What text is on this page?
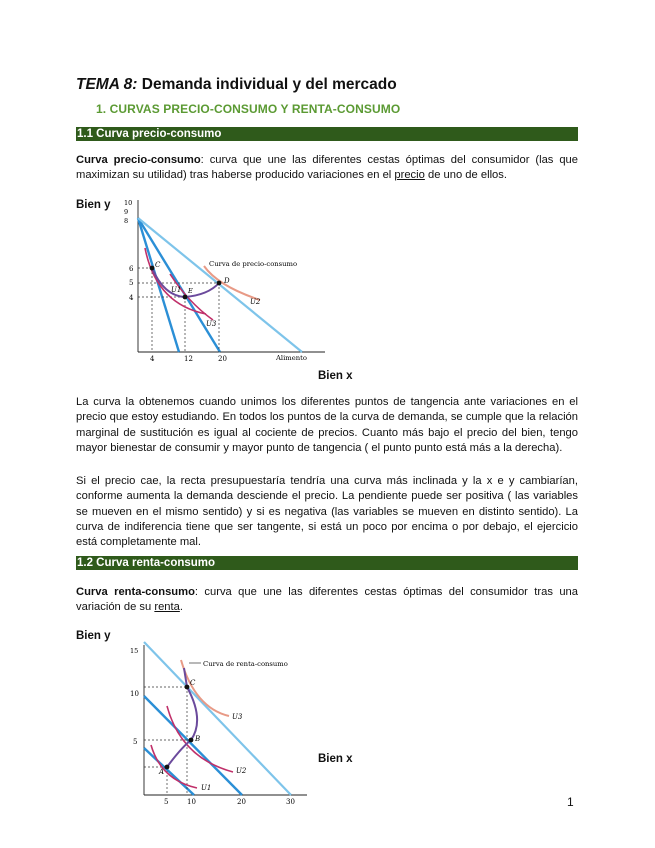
TEMA 8: Demanda individual y del mercado
1. CURVAS PRECIO-CONSUMO Y RENTA-CONSUMO
1.1 Curva precio-consumo
Curva precio-consumo: curva que une las diferentes cestas óptimas del consumidor (las que maximizan su utilidad) tras haberse producido variaciones en el precio de uno de ellos.
Bien y 10
9
8
6
5
4
C
E
D
U1
U2
U3
Curva de precio-consumo
4	12	20	Alimento
Bien x
La curva la obtenemos cuando unimos los diferentes puntos de tangencia ante variaciones en el precio que estoy estudiando. En todos los puntos de la curva de demanda, se cumple que la relación marginal de sustitución es igual al cociente de precios. Cuanto más bajo el precio del bien, tengo mayor bienestar de consumir y mayor punto de tangencia ( el punto punto está más a la derecha).
Si el precio cae, la recta presupuestaría tendría una curva más inclinada y la x e y cambiarían, conforme aumenta la demanda desciende el precio. La pendiente puede ser positiva ( las variables se mueven en el mismo sentido) y si es negativa (las variables se mueven en distinto sentido). La curva de indiferencia tiene que ser tangente, si está un poco por encima o por debajo, el ejercicio está completamente mal.
1.2 Curva renta-consumo
Curva renta-consumo: curva que une las diferentes cestas óptimas del consumidor tras una variación de su renta.
Bien y
15
10
5
Curva de renta-consumo
A
B
C
U1
U2
U3
5	10	20	30
Bien x
1
